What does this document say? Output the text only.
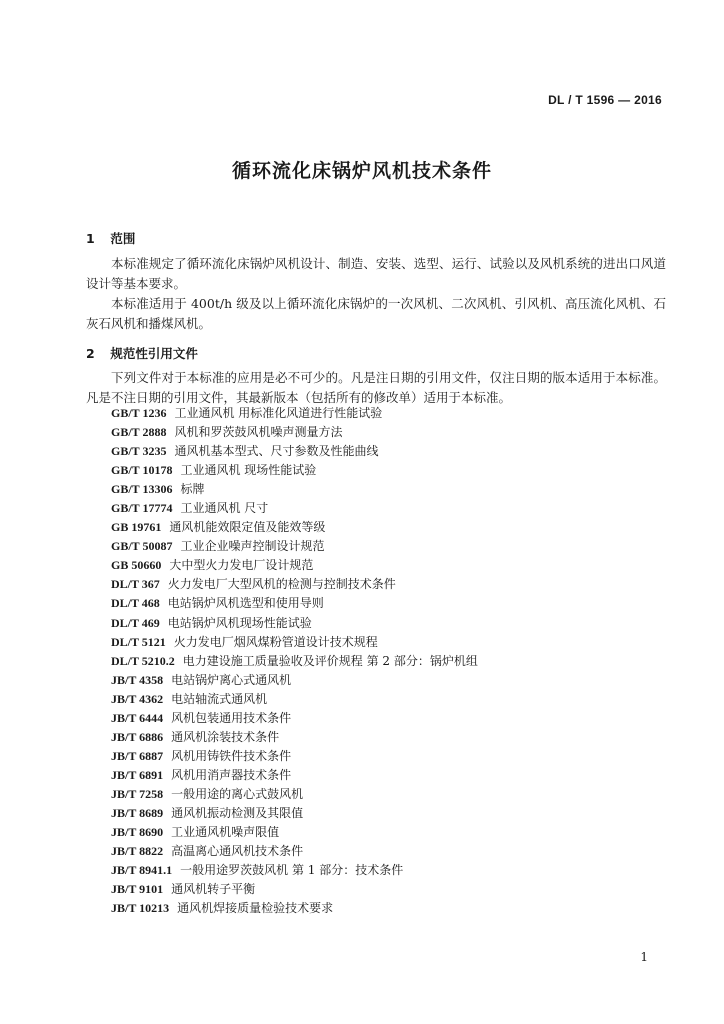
DL / T 1596 — 2016
循环流化床锅炉风机技术条件
1 范围
本标准规定了循环流化床锅炉风机设计、制造、安装、选型、运行、试验以及风机系统的进出口风道设计等基本要求。
本标准适用于 400t/h 级及以上循环流化床锅炉的一次风机、二次风机、引风机、高压流化风机、石灰石风机和播煤风机。
2 规范性引用文件
下列文件对于本标准的应用是必不可少的。凡是注日期的引用文件，仅注日期的版本适用于本标准。凡是不注日期的引用文件，其最新版本（包括所有的修改单）适用于本标准。
GB/T 1236 工业通风机 用标准化风道进行性能试验
GB/T 2888 风机和罗茨鼓风机噪声测量方法
GB/T 3235 通风机基本型式、尺寸参数及性能曲线
GB/T 10178 工业通风机 现场性能试验
GB/T 13306 标牌
GB/T 17774 工业通风机 尺寸
GB 19761 通风机能效限定值及能效等级
GB/T 50087 工业企业噪声控制设计规范
GB 50660 大中型火力发电厂设计规范
DL/T 367 火力发电厂大型风机的检测与控制技术条件
DL/T 468 电站锅炉风机选型和使用导则
DL/T 469 电站锅炉风机现场性能试验
DL/T 5121 火力发电厂烟风煤粉管道设计技术规程
DL/T 5210.2 电力建设施工质量验收及评价规程 第 2 部分：锅炉机组
JB/T 4358 电站锅炉离心式通风机
JB/T 4362 电站轴流式通风机
JB/T 6444 风机包装通用技术条件
JB/T 6886 通风机涂装技术条件
JB/T 6887 风机用铸铁件技术条件
JB/T 6891 风机用消声器技术条件
JB/T 7258 一般用途的离心式鼓风机
JB/T 8689 通风机振动检测及其限值
JB/T 8690 工业通风机噪声限值
JB/T 8822 高温离心通风机技术条件
JB/T 8941.1 一般用途罗茨鼓风机 第 1 部分：技术条件
JB/T 9101 通风机转子平衡
JB/T 10213 通风机焊接质量检验技术要求
1
